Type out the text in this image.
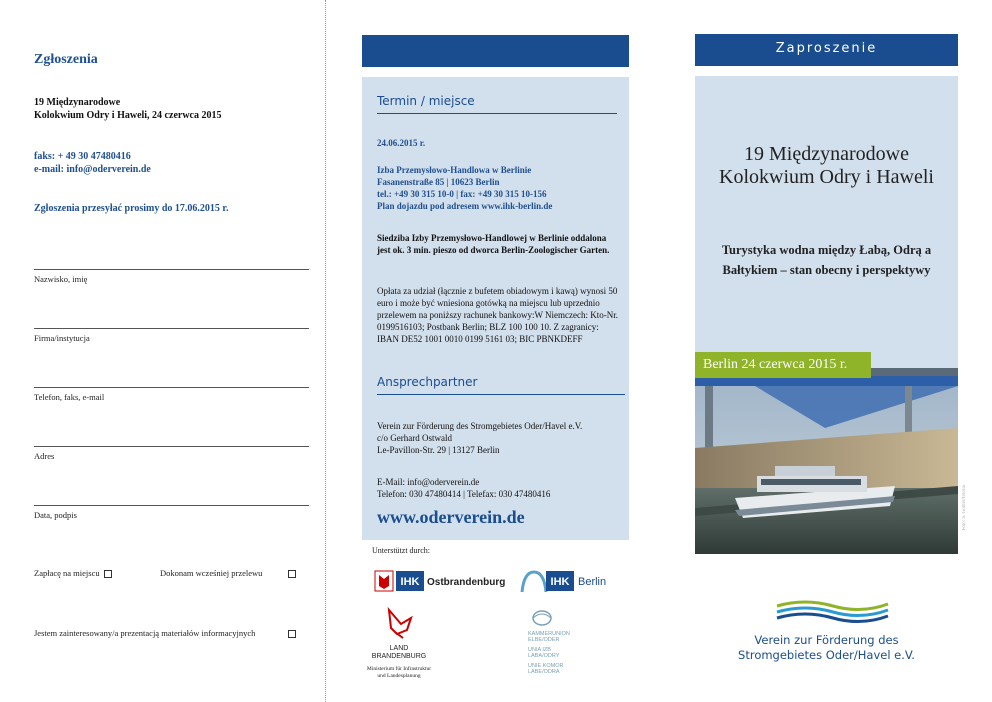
Zgłoszenia
19 Międzynarodowe
Kolokwium Odry i Haweli, 24 czerwca 2015
faks: + 49 30 47480416
e-mail: info@oderverein.de
Zgłoszenia przesyłać prosimy do 17.06.2015 r.
Nazwisko, imię
Firma/instytucja
Telefon, faks, e-mail
Adres
Data, podpis
Zapłacę na miejscu	Dokonam wcześniej przelewu
Jestem zainteresowany/a prezentacją materiałów informacyjnych
Termin / miejsce
24.06.2015 r.
Izba Przemysłowo-Handlowa w Berlinie
Fasanenstraße 85 | 10623 Berlin
tel.: +49 30 315 10-0 | fax: +49 30 315 10-156
Plan dojazdu pod adresem www.ihk-berlin.de
Siedziba Izby Przemysłowo-Handlowej w Berlinie oddalona jest ok. 3 min. pieszo od dworca Berlin-Zoologischer Garten.
Opłata za udział (łącznie z bufetem obiadowym i kawą) wynosi 50 euro i może być wniesiona gotówką na miejscu lub uprzednio przelewem na poniższy rachunek bankowy:W Niemczech: Kto-Nr. 0199516103; Postbank Berlin; BLZ 100 100 10. Z zagranicy: IBAN DE52 1001 0010 0199 5161 03; BIC PBNKDEFF
Ansprechpartner
Verein zur Förderung des Stromgebietes Oder/Havel e.V.
c/o Gerhard Ostwald
Le-Pavillon-Str. 29 | 13127 Berlin
E-Mail: info@oderverein.de
Telefon: 030 47480414 | Telefax: 030 47480416
www.oderverein.de
Unterstützt durch:
IHK Ostbrandenburg	IHK Berlin
LAND
BRANDENBURG
Ministerium für Infrastruktur
und Landesplanung
KAMMERUNION
ELBE/ODER
UNIA IZB
LABA/ODRY
UNIE KOMOR
LABE/ODRA
Zaproszenie
19 Międzynarodowe
Kolokwium Odry i Haweli
Turystyka wodna między Łabą, Odrą a Bałtykiem – stan obecny i perspektywy
Berlin 24 czerwca 2015 r.
Foto: S. Göhler/fotolia
Verein zur Förderung des
Stromgebietes Oder/Havel e.V.
